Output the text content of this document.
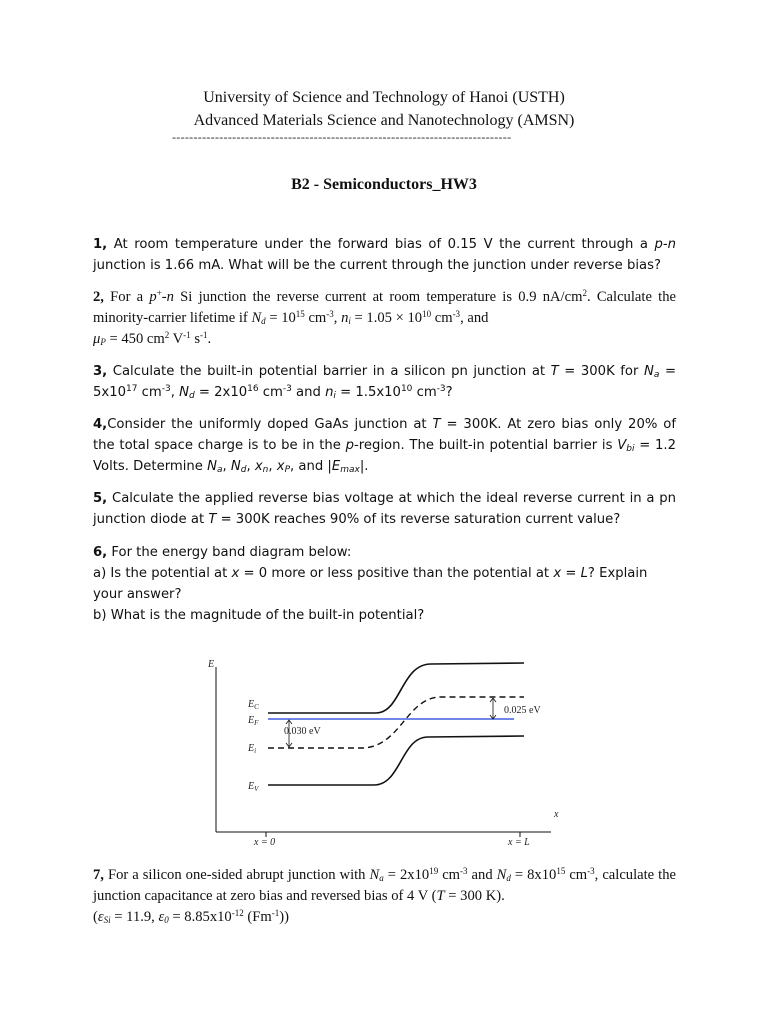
University of Science and Technology of Hanoi (USTH)
Advanced Materials Science and Nanotechnology (AMSN)
-------------------------------------------------------------------------------
B2 - Semiconductors_HW3
1, At room temperature under the forward bias of 0.15 V the current through a p-n junction is 1.66 mA. What will be the current through the junction under reverse bias?
2, For a p+-n Si junction the reverse current at room temperature is 0.9 $nA/cm^2$. Calculate the minority-carrier lifetime if $N_d = 10^{15}$ $cm^{-3}$, $n_i = 1.05 \times 10^{10}$ $cm^{-3}$, and
$\mu_P = 450$ $cm^2$ $V^{-1}$ $s^{-1}$.
3, Calculate the built-in potential barrier in a silicon pn junction at T = 300K for $N_a = 5x10^{17}$ $cm^{-3}$, $N_d = 2x10^{16}$ $cm^{-3}$ and $n_i = 1.5x10^{10}$ $cm^{-3}$?
4,Consider the uniformly doped GaAs junction at T = 300K. At zero bias only 20% of the total space charge is to be in the p-region. The built-in potential barrier is $V_{bi} = 1.2$ Volts. Determine $N_a$, $N_d$, $x_n$, $x_P$, and $|E_{max}|$.
5, Calculate the applied reverse bias voltage at which the ideal reverse current in a pn junction diode at T = 300K reaches 90% of its reverse saturation current value?
6, For the energy band diagram below:
a) Is the potential at x = 0 more or less positive than the potential at x = L? Explain your answer?
b) What is the magnitude of the built-in potential?
E
x
0.030 eV
0.025 eV
$E_C$
$E_F$
$E_i$
$E_V$
x = 0	x = L
7, For a silicon one-sided abrupt junction with $N_a = 2x10^{19}$ $cm^{-3}$ and $N_d = 8x10^{15}$ $cm^{-3}$, calculate the junction capacitance at zero bias and reversed bias of 4 V (T = 300 K).
($\varepsilon_{Si} = 11.9$, $\varepsilon_0 = 8.85x10^{-12}$ $(Fm^{-1})$)
